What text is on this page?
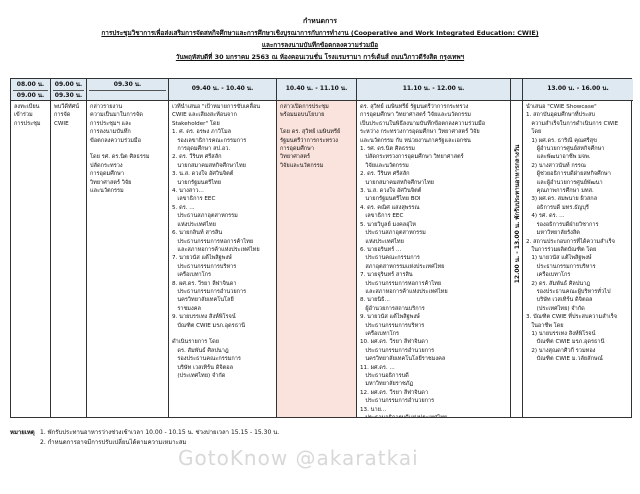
กำหนดการ
การประชุมวิชาการเพื่อส่งเสริมการจัดสหกิจศึกษาและการศึกษาเชิงบูรณาการกับการทำงาน (Cooperative and Work Integrated Education: CWIE)
และการลงนามบันทึกข้อตกลงความร่วมมือ
วันพฤหัสบดีที่ 30 มกราคม 2563 ณ ห้องคอนเวนชั่น โรงแรมรามา การ์เด้นส์ ถนนวิภาวดีรังสิต กรุงเทพฯ
08.00 น.
09.00 น.
ลงทะเบียน
เข้าร่วม
การประชุม
09.00 น.
09.30 น.
พบวีดีทัศน์
การจัด
CWIE
09.30 น.
กล่าวรายงาน
ความเป็นมาในการจัด
การประชุมฯ และ
การลงนามบันทึก
ข้อตกลงความร่วมมือ

โดย รศ. ดร.นิต ศิลธรรม
ปลัดกระทรวง
การอุดมศึกษา
วิทยาศาสตร์ วิจัย
และนวัตกรรม
09.40 น. - 10.40 น.
เวทีนำเสนอ "เป้าหมายการขับเคลื่อน
CWIE และเสียงสะท้อนจาก
Stakeholder" โดย
1. ศ. ดร. อรพง ภาวิโมล
รองเลขาธิการคณะกรรมการ
การอุดมศึกษา สป.อว.
2. ดร. วีรินท ศรีสลัก
นายกสมาคมสหกิจศึกษาไทย
3. น.ส. ดวงใจ อัศวินจิตต์
นายกรัฐมนตรีไทย
4. นางสาว...
เลขาธิการ EEC
5. ดร. ...
ประธานสภาอุตสาหกรรม
แห่งประเทศไทย
6. นายกลินท์ สารสิน
ประธานกรรมการหอการค้าไทย
และสภาหอการค้าแห่งประเทศไทย
7. นายวนัส แต้ไพสิฐพงษ์
ประธานกรรมการบริหาร
เครือเบทาโกร
8. ผศ.ดร. วีรยา ลีฬาจินดา
ประธานกรรมการอำนวยการ
นครวิทยาลัยเทคโนโลยี
ราชมงคล
9. นายบรรเทง สิงห์พิโรจน์
บัณฑิต CWIE มรภ.อุดรธานี

ดำเนินรายการ โดย
ดร. สัมพันธ์ ศิลปนาฎ
รองประธานคณะกรรมการ
บริษัท เวสเทิร์น ดิจิตอล
(ประเทศไทย) จำกัด
10.40 น. - 11.10 น.
กล่าวเปิดการประชุม
พร้อมมอบนโยบาย

โดย ดร. สุวิทย์ เมษินทรีย์
รัฐมนตรีว่าการกระทรวง
การอุดมศึกษา
วิทยาศาสตร์
วิจัยและนวัตกรรม
11.10 น. - 12.00 น.
ดร. สุวิทย์ เมษินทรีย์ รัฐมนตรีว่าการกระทรวง
การอุดมศึกษา วิทยาศาสตร์ วิจัยและนวัตกรรม
เป็นประธานในพิธีลงนามบันทึกข้อตกลงความร่วมมือ
ระหว่าง กระทรวงการอุดมศึกษา วิทยาศาสตร์ วิจัย
และนวัตกรรม กับ หน่วยงานภาครัฐและเอกชน
1. รศ. ดร.นิต ศิลธรรม
ปลัดกระทรวงการอุดมศึกษา วิทยาศาสตร์
วิจัยและนวัตกรรม
2. ดร. วีรินท ศรีสลัก
นายกสมาคมสหกิจศึกษาไทย
3. น.ส. ดวงใจ อัศวินจิตต์
นายกรัฐมนตรีไทย BOI
4. ดร. คณิศ แสงสุพรรณ
เลขาธิการ EEC
5. นายวิบูลย์ มงคลอุ่ไห
ประธานสภาอุตสาหกรรม
แห่งประเทศไทย
6. นายอรินทร์ ...
ประธานคณะกรรมการ
สภาอุตสาหกรรมแห่งประเทศไทย
7. นายจุรินทร์ สารสิน
ประธานกรรมการหอการค้าไทย
และสภาหอการค้าแห่งประเทศไทย
8. นายนิธิ...
ผู้อำนวยการสถานบริการ
9. นายวนัส แต้ไพสิฐพงษ์
ประธานกรรมการบริหาร
เครือเบทาโกร
10. ผศ.ดร. วีรยา ลีฬาจินดา
ประธานกรรมการอำนวยการ
นครวิทยาลัยเทคโนโลยีราชมงคล
11. ผศ.ดร. ...
ประธานอธิการบดี
มหาวิทยาลัยราชภัฏ
12. ผศ.ดร. วีรยา ลีฬาจินดา
ประธานกรรมการอำนวยการ
13. นาย...

12.00 น. - 13.00 น. พักรับประทานอาหารกลางวัน
13.00 น. - 16.00 น.
นำเสนอ "CWIE Showcase"
1. สถาบันอุดมศึกษาที่ประสบ
ความสำเร็จในการดำเนินการ CWIE
โดย
1) ผศ.ดร. ธาริณี คุณศรีสุข
ผู้อำนวยการศูนย์สหกิจศึกษา
และพัฒนาอาชีพ มจพ.
2) นางสาวนันท์ กรรณ
ผู้ช่วยอธิการบดีฝ่ายสหกิจศึกษา
และผู้อำนวยการศูนย์พัฒนา
คุณภาพการศึกษา มทส.
3) ผศ.ดร. สมพนาย ผิวสกล
อธิการบดี มทร.ธัญบุรี
4) รศ. ดร. ...
รองอธิการบดีฝ่ายวิชาการ
มหาวิทยาลัยรังสิต
2. สถานประกอบการที่ได้ความสำเร็จ
ในการร่วมผลิตบัณฑิต โดย
1) นายวนัส แต้ไพสิฐพงษ์
ประธานกรรมการบริหาร
เครือเบทาโกร
2) ดร. สัมพันธ์ ศิลปนาฎ
รองประธานคณะผู้บริหารทั่วไป
บริษัท เวสเทิร์น ดิจิตอล
(ประเทศไทย) จำกัด
3. บัณฑิต CWIE ที่ประสบความสำเร็จ
ในอาชีพ โดย
1) นายบรรเทง สิงห์พิโรจน์
บัณฑิต CWIE มรภ.อุดรธานี
2) นางสุณดาศิวกี รวมทอง
บัณฑิต CWIE ม.วลัยลักษณ์
หมายเหตุ 1. พักรับประทานอาหารว่างช่วงเช้าเวลา 10.00 - 10.15 น. ช่วงบ่ายเวลา 15.15 - 15.30 น.
2. กำหนดการอาจมีการปรับเปลี่ยนได้ตามความเหมาะสม
GotoKnow @akaratkai
